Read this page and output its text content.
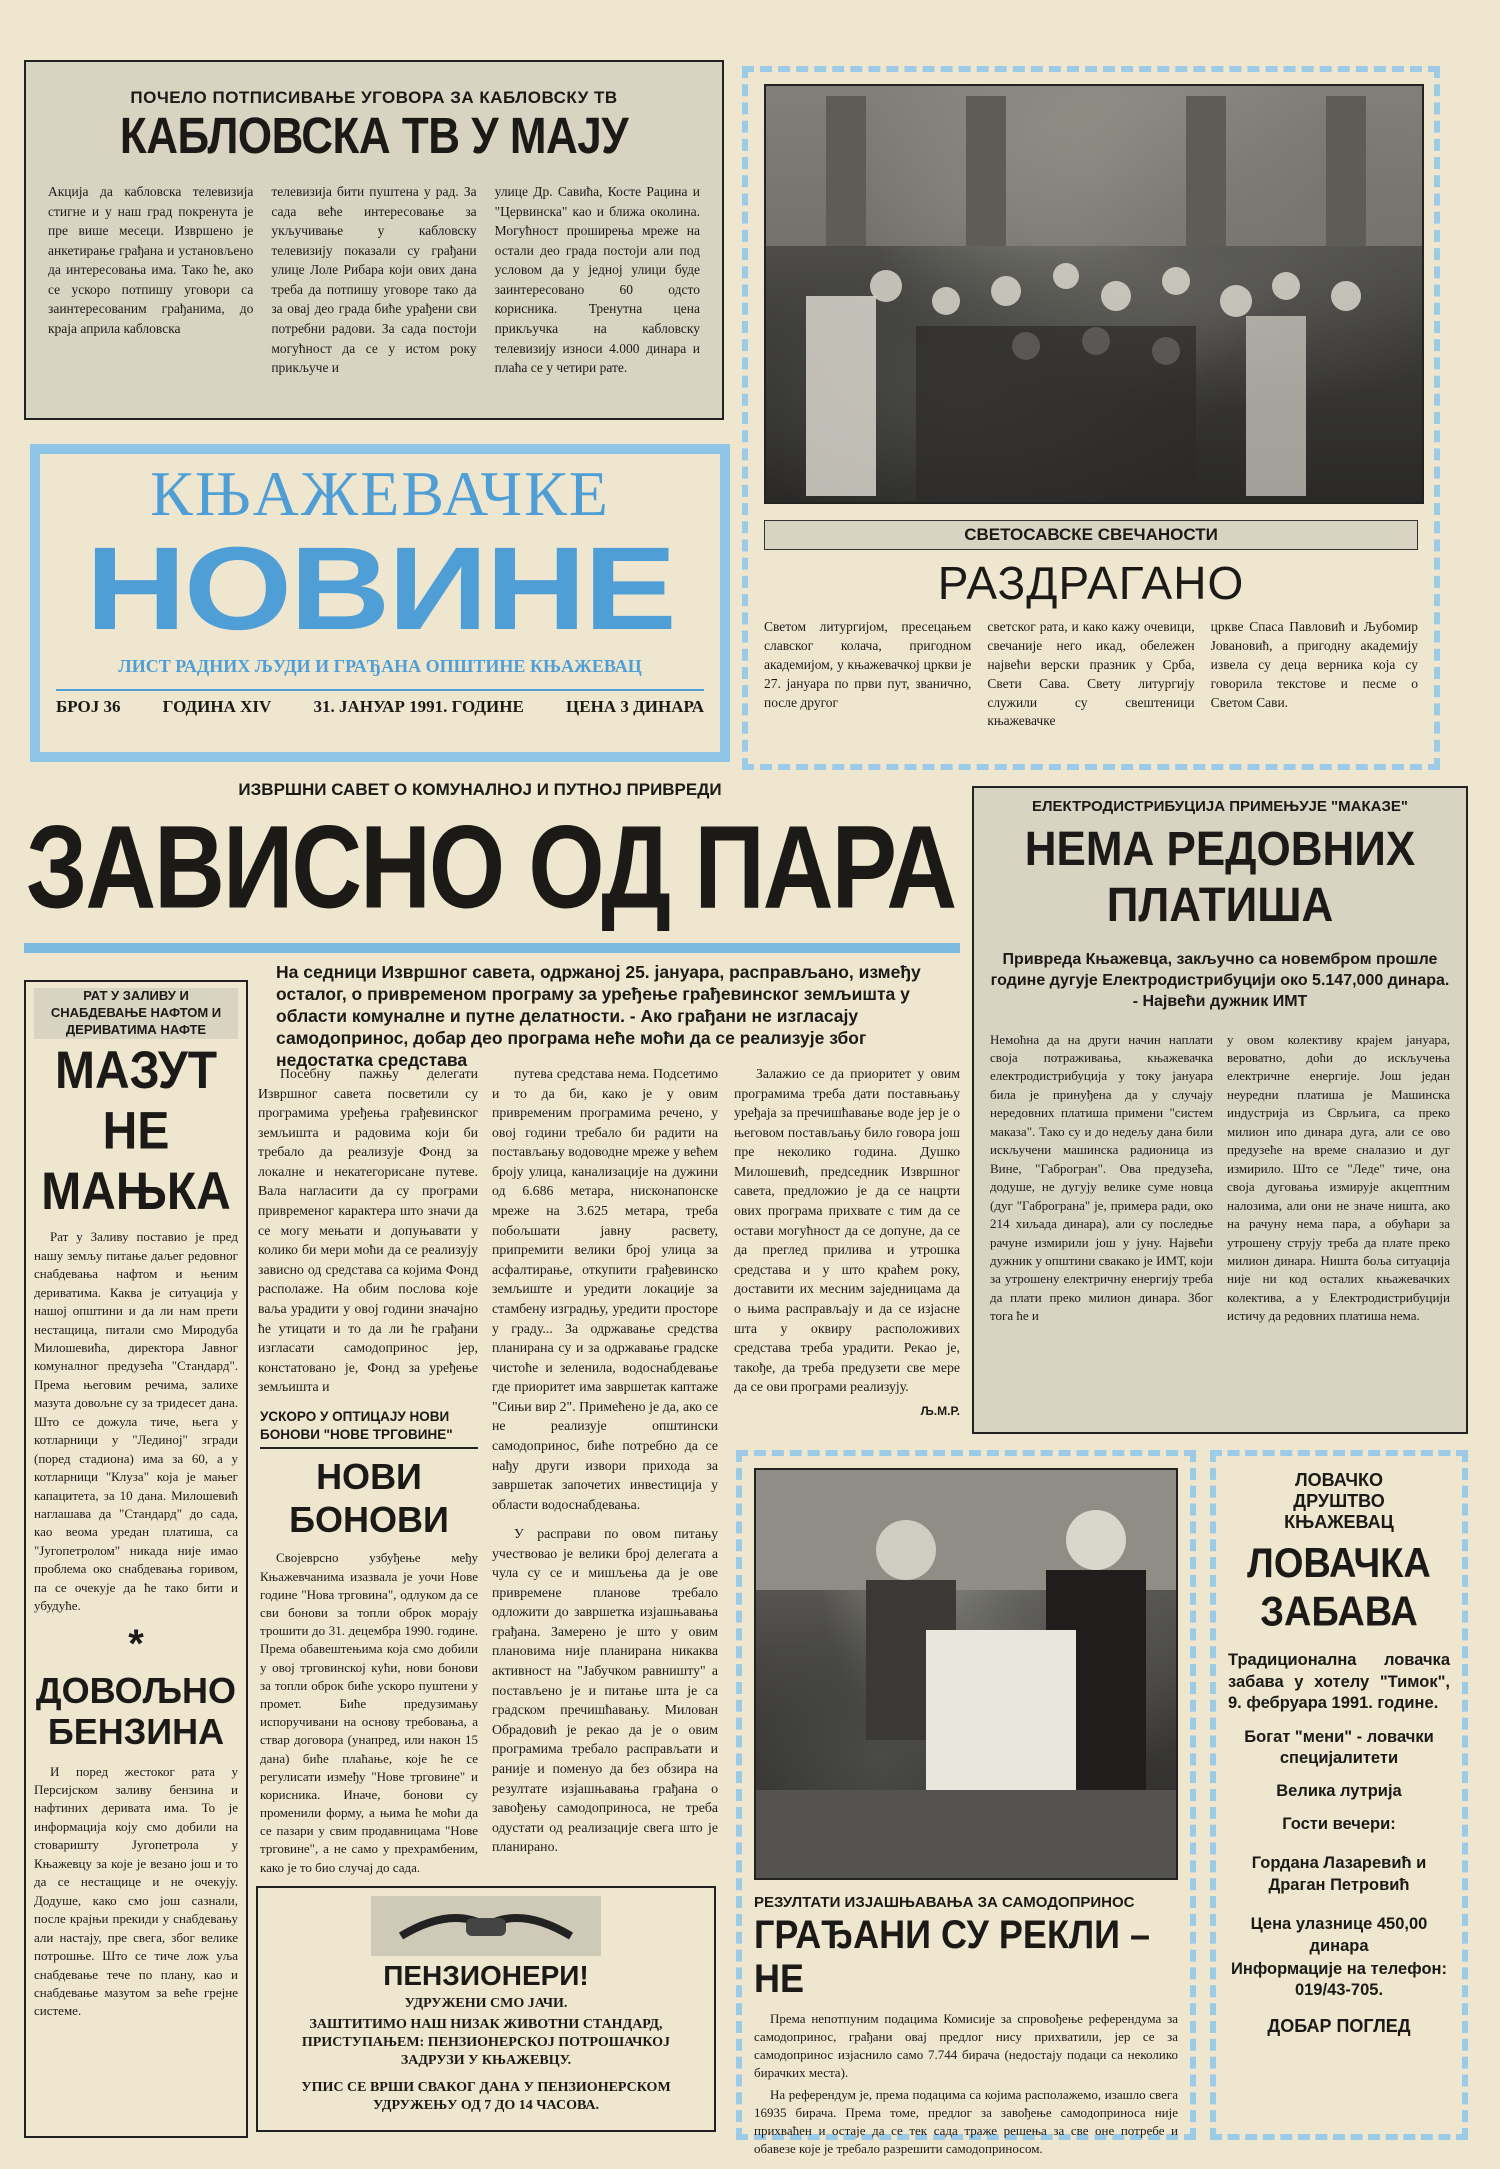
ПОЧЕЛО ПОТПИСИВАЊЕ УГОВОРА ЗА КАБЛОВСКУ ТВ
КАБЛОВСКА ТВ У МАЈУ
Акција да кабловска телевизија стигне и у наш град покренута је пре више месеци. Извршено је анкетирање грађана и установљено да интересовања има. Тако ће, ако се ускоро потпишу уговори са заинтересованим грађанима, до краја априла кабловска
телевизија бити пуштена у рад. За сада веће интересовање за укључивање у кабловску телевизију показали су грађани улице Лоле Рибара који ових дана треба да потпишу уговоре тако да за овај део града биће урађени сви потребни радови. За сада постоји могућност да се у истом року прикључе и
улице Др. Савића, Косте Рацина и "Цервинска" као и ближа околина. Могућност проширења мреже на остали део града постоји али под условом да у једној улици буде заинтересовано 60 одсто корисника. Тренутна цена прикључка на кабловску телевизију износи 4.000 динара и плаћа се у четири рате.
КЊАЖЕВАЧКЕ
НОВИНЕ
ЛИСТ РАДНИХ ЉУДИ И ГРАЂАНА ОПШТИНЕ КЊАЖЕВАЦ
БРОЈ 36 ГОДИНА XIV 31. ЈАНУАР 1991. ГОДИНЕ ЦЕНА 3 ДИНАРА
СВЕТОСАВСКЕ СВЕЧАНОСТИ
РАЗДРАГАНО
Светом литургијом, пресецањем славског колача, пригодном академијом, у књажевачкој цркви је 27. јануара по први пут, званично, после другог
светског рата, и како кажу очевици, свечаније него икад, обележен највећи верски празник у Срба, Свети Сава. Свету литургију служили су свештеници књажевачке
цркве Спаса Павловић и Љубомир Јовановић, а пригодну академију извела су деца верника која су говорила текстове и песме о Светом Сави.
ИЗВРШНИ САВЕТ О КОМУНАЛНОЈ И ПУТНОЈ ПРИВРЕДИ
ЗАВИСНО ОД ПАРА
На седници Извршног савета, одржаној 25. јануара, расправљано, између осталог, о привременом програму за уређење грађевинског земљишта у области комуналне и путне делатности. - Ако грађани не изгласају самодопринос, добар део програма неће моћи да се реализује због недостатка средстава

Посебну пажњу делегати Извршног савета посветили су програмима уређења грађевинског земљишта и радовима који би требало да реализује Фонд за локалне и некатегорисане путеве. Вала нагласити да су програми привременог карактера што значи да се могу мењати и допуњавати у колико би мери моћи да се реализују зависно од средстава са којима Фонд располаже. На обим послова које ваља урадити у овој години значајно ће утицати и то да ли ће грађани изгласати самодопринос јер, констатовано је, Фонд за уређење земљишта и

путева средстава нема. Подсетимо и то да би, како је у овим привременим програмима речено, у овој години требало би радити на постављању водоводне мреже у већем броју улица, канализације на дужини од 6.686 метара, нисконапонске мреже на 3.625 метара, треба побољшати јавну расвету, припремити велики број улица за асфалтирање, откупити грађевинско земљиште и уредити локације за стамбену изградњу, уредити просторе у граду... За одржавање средства планирана су и за одржавање градске чистоће и зеленила, водоснабдевање где приоритет има завршетак каптаже "Сињи вир 2". Примећено је да, ако се не реализује општински самодопринос, биће потребно да се нађу други извори прихода за завршетак започетих инвестиција у области водоснабдевања.

У расправи по овом питању учествовао је велики број делегата а чула су се и мишљења да је ове привремене планове требало одложити до завршетка изјашњавања грађана. Замерено је што у овим плановима није планирана никаква активност на "Јабучком равништу" а постављено је и питање шта је са градском пречишћавању. Милован Обрадовић је рекао да је о овим програмима требало расправљати и раније и поменуо да без обзира на резултате изјашњавања грађана о завођењу самодоприноса, не треба одустати од реализације свега што је планирано.

Залажио се да приоритет у овим програмима треба дати поставњању уређаја за пречишћавање воде јер је о његовом постављању било говора још пре неколико година. Душко Милошевић, председник Извршног савета, предложио је да се нацрти ових програма прихвате с тим да се остави могућност да се допуне, да се да преглед прилива и утрошка средстава и у што краћем року, доставити их месним заједницама да о њима расправљају и да се изјасне шта у оквиру расположивих средстава треба урадити. Рекао је, такође, да треба предузети све мере да се ови програми реализују.

Љ.М.Р.
ЕЛЕКТРОДИСТРИБУЦИЈА ПРИМЕЊУЈЕ "МАКАЗЕ"
НЕМА РЕДОВНИХ ПЛАТИША
Привреда Књажевца, закључно са новембром прошле године дугује Електродистрибуцији око 5.147,000 динара. - Највећи дужник ИМТ
Немоћна да на други начин наплати своја потраживања, књажевачка електродистрибуција у току јануара била је принуђена да у случају нередовних платиша примени "систем маказа". Тако су и до недељу дана били искључени машинска радионица из Вине, "Габрогран". Ова предузећа, додуше, не дугују велике суме новца (дуг "Габрограна" је, примера ради, око 214 хиљада динара), али су последње рачуне измирили још у јуну. Највећи дужник у општини свакако је ИМТ, који за утрошену електричну енергију треба да плати преко милион динара. Због тога ће и
у овом колективу крајем јануара, вероватно, доћи до искључења електричне енергије. Још један неуредни платиша је Машинска индустрија из Сврљига, са преко милион ипо динара дуга, али се ово предузеће на време сналазио и дуг измирило. Што се "Леде" тиче, она своја дуговања измирује акцептним налозима, али они не значе ништа, ако на рачуну нема пара, а обућари за утрошену струју треба да плате преко милион динара. Ништа боља ситуација није ни код осталих књажевачких колектива, а у Електродистрибуцији истичу да редовних платиша нема.
РАТ У ЗАЛИВУ И СНАБДЕВАЊЕ НАФТОМ И ДЕРИВАТИМА НАФТЕ
МАЗУТ НЕ МАЊКА
Рат у Заливу поставио је пред нашу земљу питање даљег редовног снабдевања нафтом и њеним дериватима. Каква је ситуација у нашој општини и да ли нам прети нестащица, питали смо Миродуба Милошевића, директора Јавног комуналног предузећа "Стандард". Према његовим речима, залихе мазута довољне су за тридесет дана. Што се дожула тиче, њега у котларници у "Лединој" згради (поред стадиона) има за 60, а у котларници "Клуза" која је мањег капацитета, за 10 дана. Милошевић наглашава да "Стандард" до сада, као веома уредан платиша, са "Југопетролом" никада није имао проблема око снабдевања горивом, па се очекује да ће тако бити и убудуће.
*
ДОВОЉНО БЕНЗИНА
И поред жестоког рата у Персијском заливу бензина и нафтиних деривата има. То је информација коју смо добили на стоваришту Југопетрола у Књажевцу за које је везано још и то да се нестащице и не очекују. Додуше, како смо још сазнали, после крајњи прекиди у снабдевању али настају, пре свега, због велике потрошње. Што се тиче лож уља снабдевање тече по плану, као и снабдевање мазутом за веће грејне системе.
УСКОРО У ОПТИЦАЈУ НОВИ БОНОВИ "НОВЕ ТРГОВИНЕ"
НОВИ БОНОВИ
Својеврсно узбуђење међу Књажевчанима изазвала је уочи Нове године "Нова трговина", одлуком да се сви бонови за топли оброк морају трошити до 31. децембра 1990. године. Према обавештењима која смо добили у овој трговинској кући, нови бонови за топли оброк биће ускоро пуштени у промет. Биће предузимању испоручивани на основу требовања, а ствар договора (унапред, или након 15 дана) биће плаћање, које ће се регулисати између "Нове трговине" и корисника. Иначе, бонови су променили форму, а њима ће моћи да се пазари у свим продавницама "Нове трговине", а не само у прехрамбеним, како је то био случај до сада.
ПЕНЗИОНЕРИ!
УДРУЖЕНИ СМО ЈАЧИ.
ЗАШТИТИМО НАШ НИЗАК ЖИВОТНИ СТАНДАРД, ПРИСТУПАЊЕМ: ПЕНЗИОНЕРСКОЈ ПОТРОШАЧКОЈ ЗАДРУЗИ У КЊАЖЕВЦУ.
УПИС СЕ ВРШИ СВАКОГ ДАНА У ПЕНЗИОНЕРСКОМ УДРУЖЕЊУ ОД 7 ДО 14 ЧАСОВА.
РЕЗУЛТАТИ ИЗЈАШЊАВАЊА ЗА САМОДОПРИНОС
ГРАЂАНИ СУ РЕКЛИ – НЕ
Према непотпуним подацима Комисије за спровођење референдума за самодопринос, грађани овај предлог нису прихватили, јер се за самодопринос изјаснило само 7.744 бирача (недостају подаци са неколико бирачких места).
На референдум је, према подацима са којима располажемо, изашло свега 16935 бирача. Према томе, предлог за завођење самодоприноса није прихваћен и остаје да се тек сада траже решења за све оне потребе и обавезе које је требало разрешити самодоприносом.
ЛОВАЧКО
ДРУШТВО
КЊАЖЕВАЦ
ЛОВАЧКА ЗАБАВА
Традиционална ловачка забава у хотелу "Тимок", 9. фебруара 1991. године.
Богат "мени" - ловачки специјалитети
Велика лутрија
Гости вечери:
Гордана Лазаревић и Драган Петровић
Цена улазнице 450,00 динара
Информације на телефон: 019/43-705.
ДОБАР ПОГЛЕД
